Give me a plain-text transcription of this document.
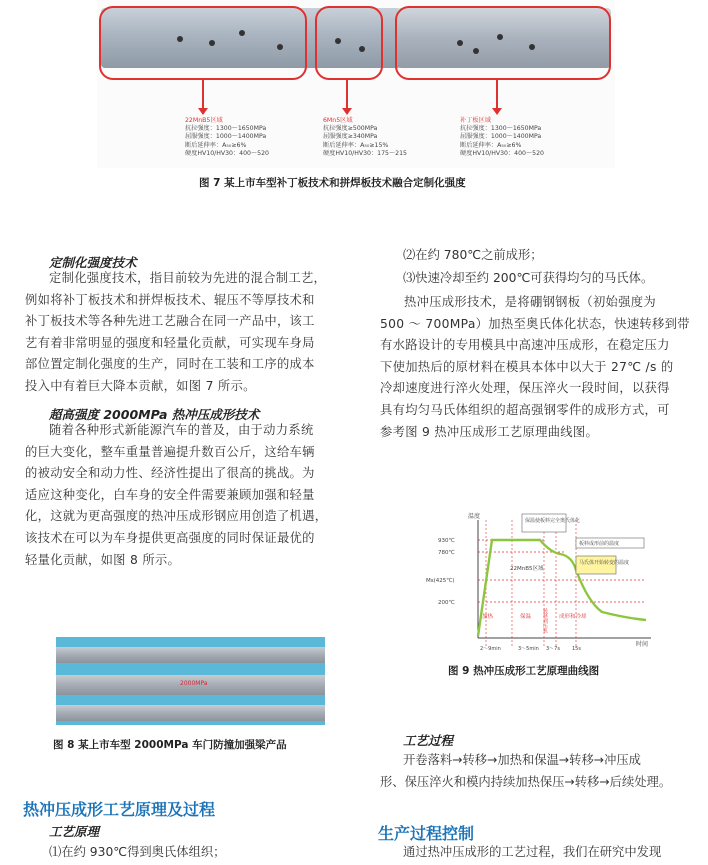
22MnB5区域
抗拉强度：1300～1650MPa
屈服强度：1000～1400MPa
断后延伸率：A₅₀≥6%
硬度HV10/HV30：400～520
6Mn5区域
抗拉强度≥500MPa
屈服强度≥340MPa
断后延伸率：A₅₀≥15%
硬度HV10/HV30：175～215
补丁板区域
抗拉强度：1300～1650MPa
屈服强度：1000～1400MPa
断后延伸率：A₅₀≥6%
硬度HV10/HV30：400～520
图 7 某上市车型补丁板技术和拼焊板技术融合定制化强度
定制化强度技术

定制化强度技术，指目前较为先进的混合制工艺，

例如将补丁板技术和拼焊板技术、辊压不等厚技术和

补丁板技术等各种先进工艺融合在同一产品中，该工

艺有着非常明显的强度和轻量化贡献，可实现车身局

部位置定制化强度的生产，同时在工装和工序的成本

投入中有着巨大降本贡献，如图 7 所示。

超高强度 2000MPa 热冲压成形技术

随着各种形式新能源汽车的普及，由于动力系统

的巨大变化，整车重量普遍提升数百公斤，这给车辆

的被动安全和动力性、经济性提出了很高的挑战。为

适应这种变化，白车身的安全件需要兼顾加强和轻量

化，这就为更高强度的热冲压成形钢应用创造了机遇，

该技术在可以为车身提供更高强度的同时保证最优的

轻量化贡献，如图 8 所示。

2000MPa
图 8 某上市车型 2000MPa 车门防撞加强梁产品
热冲压成形工艺原理及过程
工艺原理
⑴在约 930℃得到奥氏体组织；
⑵在约 780℃之前成形；
⑶快速冷却至约 200℃可获得均匀的马氏体。

热冲压成形技术，是将硼钢钢板（初始强度为

500 ～ 700MPa）加热至奥氏体化状态，快速转移到带

有水路设计的专用模具中高速冲压成形，在稳定压力

下使加热后的原材料在模具本体中以大于 27℃ /s 的

冷却速度进行淬火处理，保压淬火一段时间，以获得

具有均匀马氏体组织的超高强钢零件的成形方式，可

参考图 9 热冲压成形工艺原理曲线图。

温度
时间
930℃
780℃
Ms(425℃)
200℃
加热	保温 转移到压机 成形和冷却
22MnB5区域
2～9min	3～5min 3～7s 15s
保温使板料完全奥氏体化
板料成形前的温度
马氏体开始转变的温度
图 9 热冲压成形工艺原理曲线图
工艺过程
开卷落料→转移→加热和保温→转移→冲压成
形、保压淬火和模内持续加热保压→转移→后续处理。
生产过程控制
通过热冲压成形的工艺过程，我们在研究中发现
